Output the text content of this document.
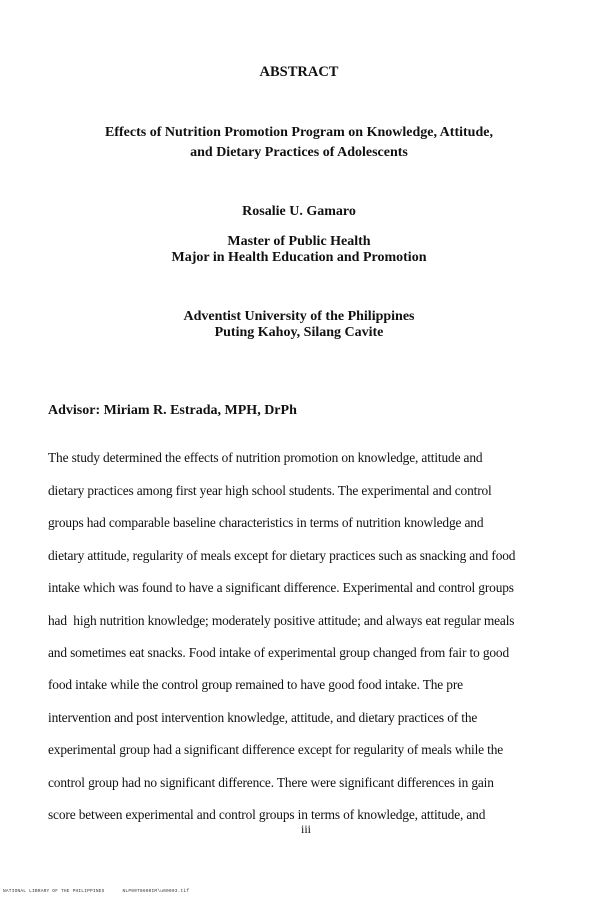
ABSTRACT
Effects of Nutrition Promotion Program on Knowledge, Attitude,
and Dietary Practices of Adolescents
Rosalie U. Gamaro
Master of Public Health
Major in Health Education and Promotion
Adventist University of the Philippines
Puting Kahoy, Silang Cavite
Advisor: Miriam R. Estrada, MPH, DrPh
The study determined the effects of nutrition promotion on knowledge, attitude and
dietary practices among first year high school students. The experimental and control
groups had comparable baseline characteristics in terms of nutrition knowledge and
dietary attitude, regularity of meals except for dietary practices such as snacking and food
intake which was found to have a significant difference. Experimental and control groups
had  high nutrition knowledge; moderately positive attitude; and always eat regular meals
and sometimes eat snacks. Food intake of experimental group changed from fair to good
food intake while the control group remained to have good food intake. The pre
intervention and post intervention knowledge, attitude, and dietary practices of the
experimental group had a significant difference except for regularity of meals while the
control group had no significant difference. There were significant differences in gain
score between experimental and control groups in terms of knowledge, attitude, and
iii
NATIONAL LIBRARY OF THE PHILIPPINES	NLP00T0690IM\u00003.tif
